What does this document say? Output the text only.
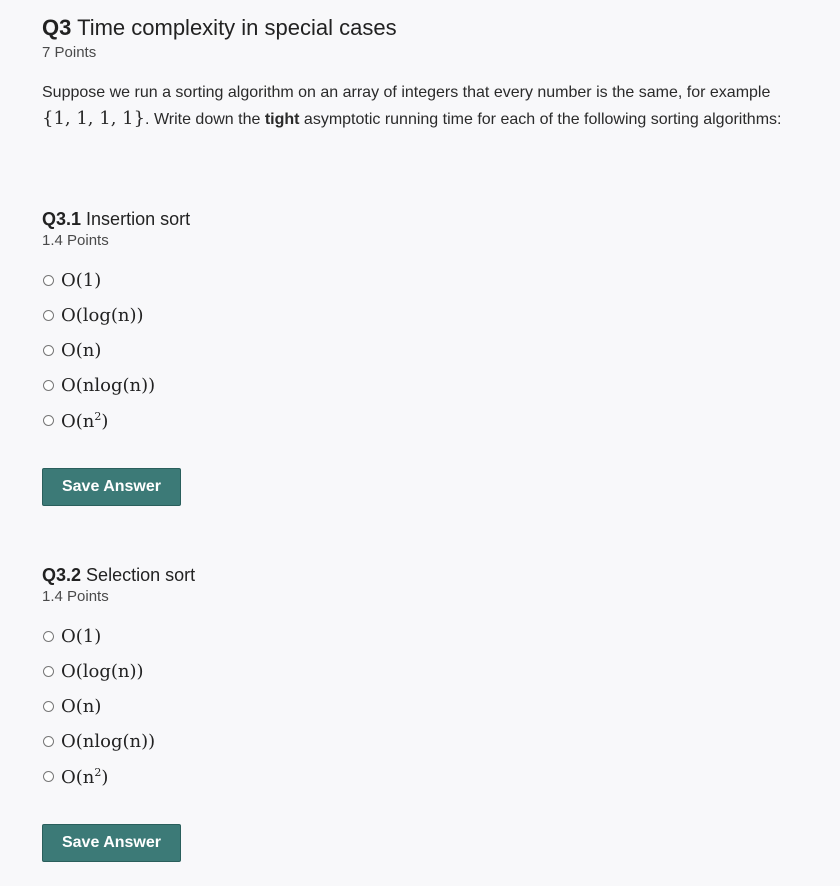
Q3 Time complexity in special cases
7 Points
Suppose we run a sorting algorithm on an array of integers that every number is the same, for example {1, 1, 1, 1}. Write down the tight asymptotic running time for each of the following sorting algorithms:
Q3.1 Insertion sort
1.4 Points
O(1)
O(log(n))
O(n)
O(nlog(n))
$O(n^2)$
Save Answer
Q3.2 Selection sort
1.4 Points
O(1)
O(log(n))
O(n)
O(nlog(n))
$O(n^2)$
Save Answer
